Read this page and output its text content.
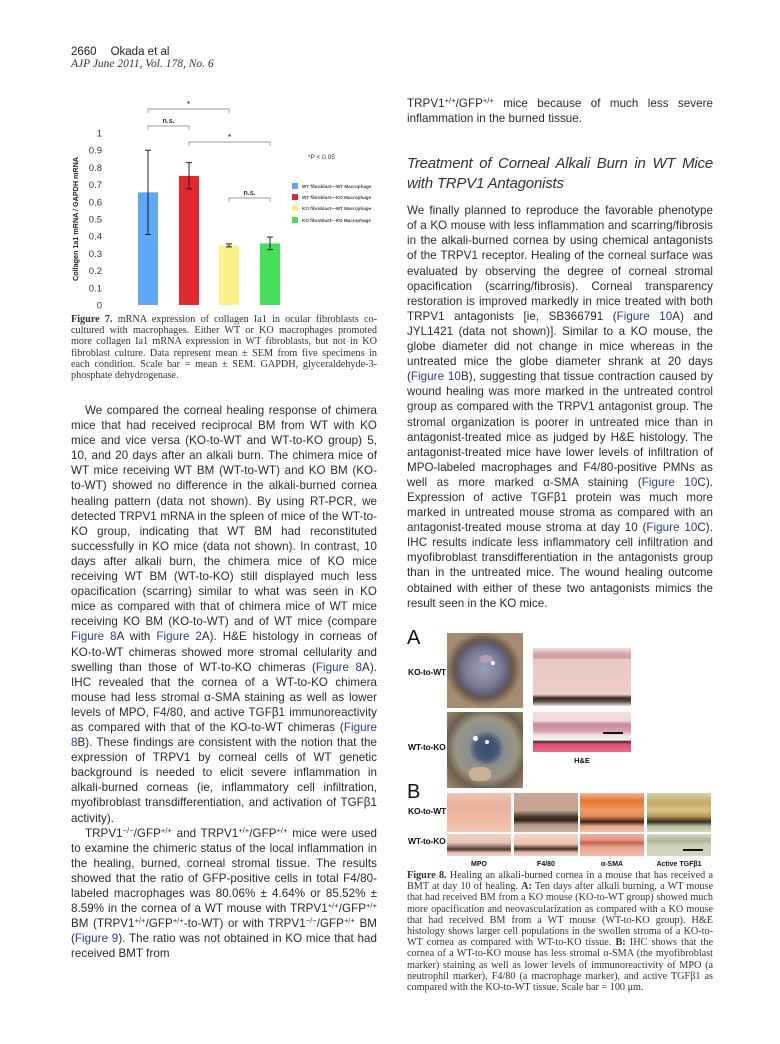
2660 Okada et al
AJP June 2011, Vol. 178, No. 6
Collagen 1a1 mRNA / GAPDH mRNA
0
0.1
0.2
0.3
0.4
0.5
0.6
0.7
0.8
0.9
1
*
n.s.
*
n.s.
WT fibroblast—WT Macrophage
WT fibroblast—KO Macrophage
KO fibroblast—WT Macrophage
KO fibroblast—KO Macrophage
*P < 0.05
Figure 7. mRNA expression of collagen Ia1 in ocular fibroblasts co-cultured with macrophages. Either WT or KO macrophages promoted more collagen Ia1 mRNA expression in WT fibroblasts, but not in KO fibroblast culture. Data represent mean ± SEM from five specimens in each condition. Scale bar = mean ± SEM. GAPDH, glyceraldehyde-3-phosphate dehydrogenase.

We compared the corneal healing response of chimera mice that had received reciprocal BM from WT with KO mice and vice versa (KO-to-WT and WT-to-KO group) 5, 10, and 20 days after an alkali burn. The chimera mice of WT mice receiving WT BM (WT-to-WT) and KO BM (KO-to-WT) showed no difference in the alkali-burned cornea healing pattern (data not shown). By using RT-PCR, we detected TRPV1 mRNA in the spleen of mice of the WT-to-KO group, indicating that WT BM had reconstituted successfully in KO mice (data not shown). In contrast, 10 days after alkali burn, the chimera mice of KO mice receiving WT BM (WT-to-KO) still displayed much less opacification (scarring) similar to what was seen in KO mice as compared with that of chimera mice of WT mice receiving KO BM (KO-to-WT) and of WT mice (compare Figure 8A with Figure 2A). H&E histology in corneas of KO-to-WT chimeras showed more stromal cellularity and swelling than those of WT-to-KO chimeras (Figure 8A). IHC revealed that the cornea of a WT-to-KO chimera mouse had less stromal α-SMA staining as well as lower levels of MPO, F4/80, and active TGFβ1 immunoreactivity as compared with that of the KO-to-WT chimeras (Figure 8B). These findings are consistent with the notion that the expression of TRPV1 by corneal cells of WT genetic background is needed to elicit severe inflammation in alkali-burned corneas (ie, inflammatory cell infiltration, myofibroblast transdifferentiation, and activation of TGFβ1 activity).

TRPV1−/−/GFP+/+ and TRPV1+/+/GFP+/+ mice were used to examine the chimeric status of the local inflammation in the healing, burned, corneal stromal tissue. The results showed that the ratio of GFP-positive cells in total F4/80-labeled macrophages was 80.06% ± 4.64% or 85.52% ± 8.59% in the cornea of a WT mouse with TRPV1+/+/GFP+/+ BM (TRPV1+/+/GFP+/+-to-WT) or with TRPV1−/−/GFP+/+ BM (Figure 9). The ratio was not obtained in KO mice that had received BMT from

TRPV1+/+/GFP+/+ mice because of much less severe inflammation in the burned tissue.

Treatment of Corneal Alkali Burn in WT Mice with TRPV1 Antagonists

We finally planned to reproduce the favorable phenotype of a KO mouse with less inflammation and scarring/fibrosis in the alkali-burned cornea by using chemical antagonists of the TRPV1 receptor. Healing of the corneal surface was evaluated by observing the degree of corneal stromal opacification (scarring/fibrosis). Corneal transparency restoration is improved markedly in mice treated with both TRPV1 antagonists [ie, SB366791 (Figure 10A) and JYL1421 (data not shown)]. Similar to a KO mouse, the globe diameter did not change in mice whereas in the untreated mice the globe diameter shrank at 20 days (Figure 10B), suggesting that tissue contraction caused by wound healing was more marked in the untreated control group as compared with the TRPV1 antagonist group. The stromal organization is poorer in untreated mice than in antagonist-treated mice as judged by H&E histology. The antagonist-treated mice have lower levels of infiltration of MPO-labeled macrophages and F4/80-positive PMNs as well as more marked α-SMA staining (Figure 10C). Expression of active TGFβ1 protein was much more marked in untreated mouse stroma as compared with an antagonist-treated mouse stroma at day 10 (Figure 10C). IHC results indicate less inflammatory cell infiltration and myofibroblast transdifferentiation in the antagonists group than in the untreated mice. The wound healing outcome obtained with either of these two antagonists mimics the result seen in the KO mice.

A
KO-to-WT
WT-to-KO
H&E
B
KO-to-WT
WT-to-KO
MPO	F4/80	α-SMA	Active TGFβ1
Figure 8. Healing an alkali-burned cornea in a mouse that has received a BMT at day 10 of healing. A: Ten days after alkali burning, a WT mouse that had received BM from a KO mouse (KO-to-WT group) showed much more opacification and neovascularization as compared with a KO mouse that had received BM from a WT mouse (WT-to-KO group). H&E histology shows larger cell populations in the swollen stroma of a KO-to-WT cornea as compared with WT-to-KO tissue. B: IHC shows that the cornea of a WT-to-KO mouse has less stromal α-SMA (the myofibroblast marker) staining as well as lower levels of immunoreactivity of MPO (a neutrophil marker), F4/80 (a macrophage marker), and active TGFβ1 as compared with the KO-to-WT tissue. Scale bar = 100 μm.
